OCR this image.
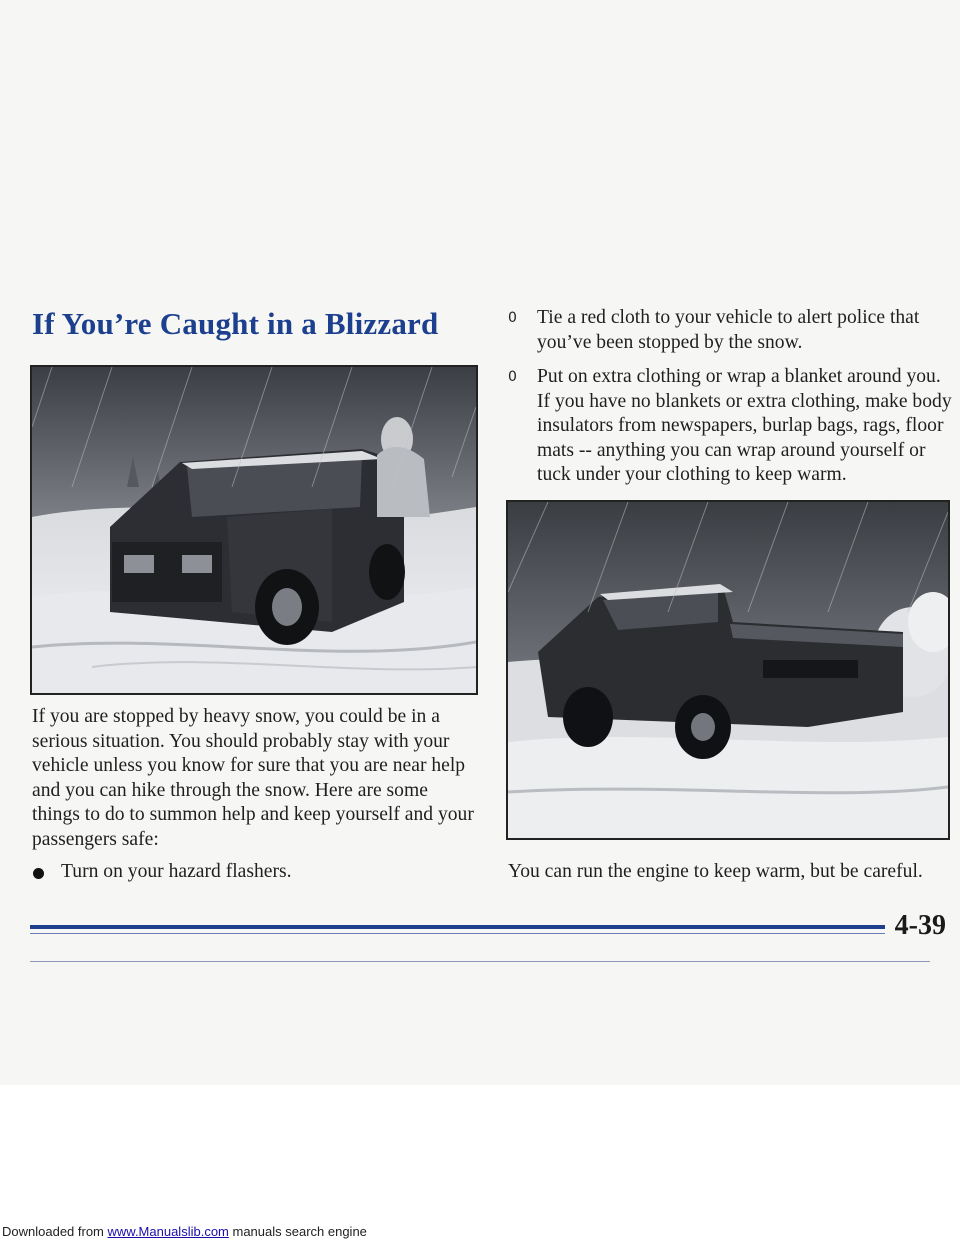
If You’re Caught in a Blizzard

If you are stopped by heavy snow, you could be in a serious situation. You should probably stay with your vehicle unless you know for sure that you are near help and you can hike through the snow. Here are some things to do to summon help and keep yourself and your passengers safe:

Turn on your hazard flashers.
0	Tie a red cloth to your vehicle to alert police that you’ve been stopped by the snow.
0	Put on extra clothing or wrap a blanket around you. If you have no blankets or extra clothing, make body insulators from newspapers, burlap bags, rags, floor mats -- anything you can wrap around yourself or tuck under your clothing to keep warm.

You can run the engine to keep warm, but be careful.

4-39

Downloaded from www.Manualslib.com manuals search engine
